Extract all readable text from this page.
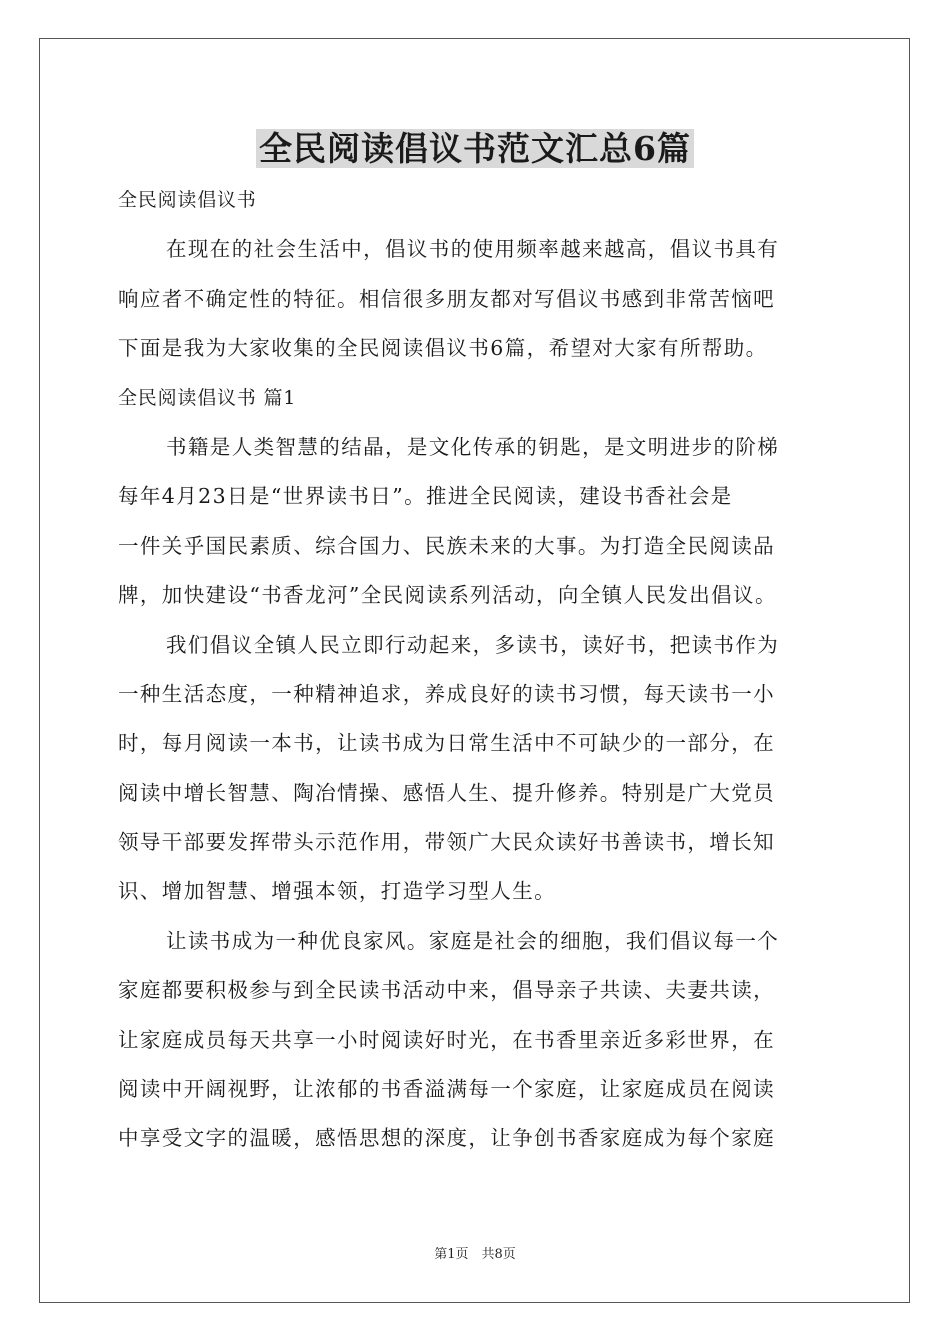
全民阅读倡议书范文汇总6篇
全民阅读倡议书
在现在的社会生活中，倡议书的使用频率越来越高，倡议书具有
响应者不确定性的特征。相信很多朋友都对写倡议书感到非常苦恼吧
下面是我为大家收集的全民阅读倡议书6篇，希望对大家有所帮助。
全民阅读倡议书 篇1
书籍是人类智慧的结晶，是文化传承的钥匙，是文明进步的阶梯
每年4月23日是“世界读书日”。推进全民阅读，建设书香社会是
一件关乎国民素质、综合国力、民族未来的大事。为打造全民阅读品
牌，加快建设“书香龙河”全民阅读系列活动，向全镇人民发出倡议。
我们倡议全镇人民立即行动起来，多读书，读好书，把读书作为
一种生活态度，一种精神追求，养成良好的读书习惯，每天读书一小
时，每月阅读一本书，让读书成为日常生活中不可缺少的一部分，在
阅读中增长智慧、陶冶情操、感悟人生、提升修养。特别是广大党员
领导干部要发挥带头示范作用，带领广大民众读好书善读书，增长知
识、增加智慧、增强本领，打造学习型人生。
让读书成为一种优良家风。家庭是社会的细胞，我们倡议每一个
家庭都要积极参与到全民读书活动中来，倡导亲子共读、夫妻共读，
让家庭成员每天共享一小时阅读好时光，在书香里亲近多彩世界，在
阅读中开阔视野，让浓郁的书香溢满每一个家庭，让家庭成员在阅读
中享受文字的温暖，感悟思想的深度，让争创书香家庭成为每个家庭
第1页　共8页
